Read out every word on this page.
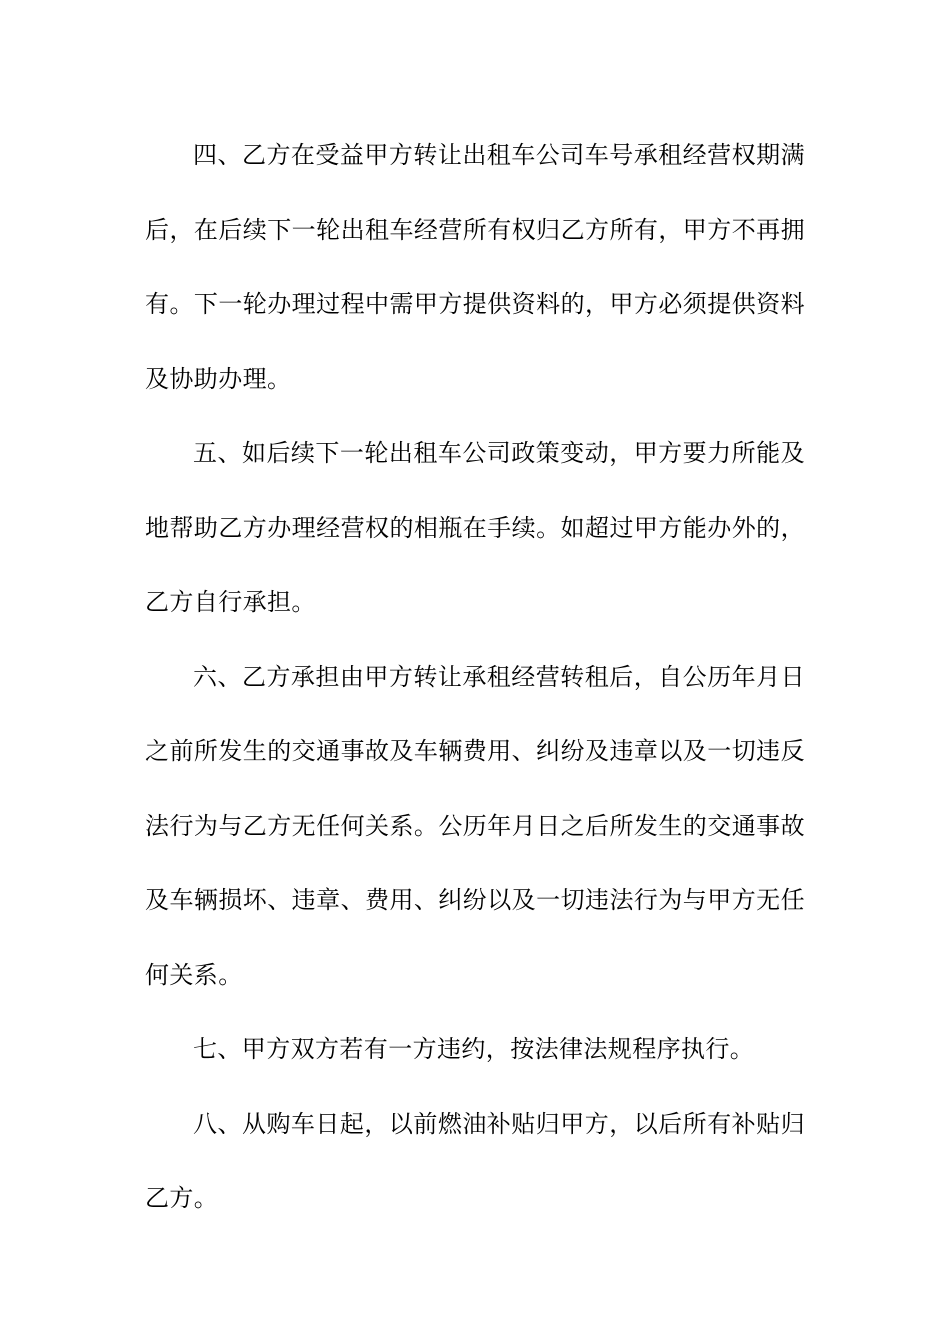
四、乙方在受益甲方转让出租车公司车号承租经营权期满后，在后续下一轮出租车经营所有权归乙方所有，甲方不再拥有。下一轮办理过程中需甲方提供资料的，甲方必须提供资料及协助办理。

五、如后续下一轮出租车公司政策变动，甲方要力所能及地帮助乙方办理经营权的相瓶在手续。如超过甲方能办外的，乙方自行承担。

六、乙方承担由甲方转让承租经营转租后，自公历年月日之前所发生的交通事故及车辆费用、纠纷及违章以及一切违反法行为与乙方无任何关系。公历年月日之后所发生的交通事故及车辆损坏、违章、费用、纠纷以及一切违法行为与甲方无任何关系。

七、甲方双方若有一方违约，按法律法规程序执行。

八、从购车日起，以前燃油补贴归甲方，以后所有补贴归乙方。
